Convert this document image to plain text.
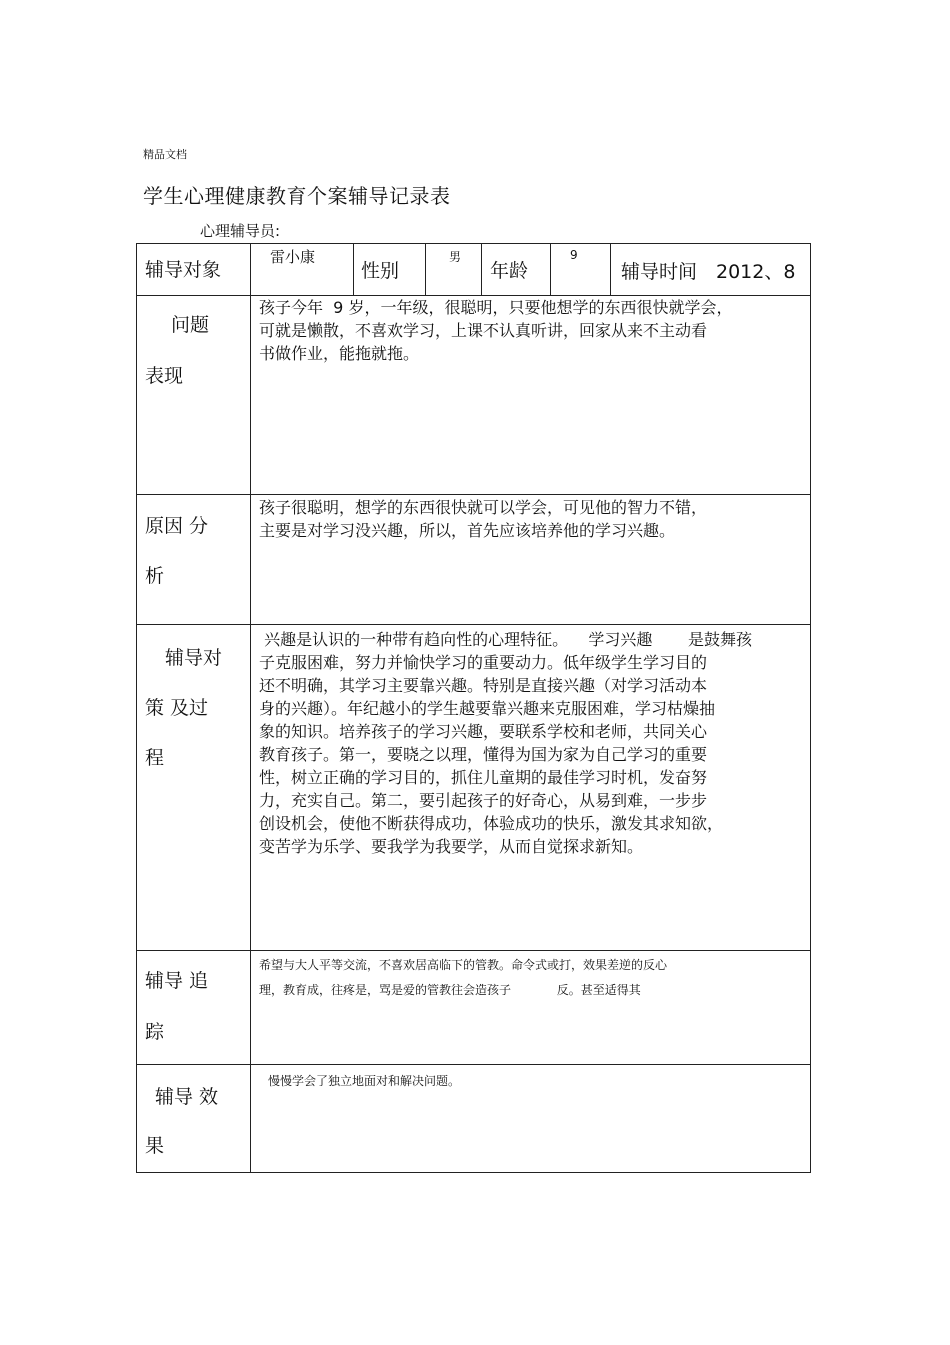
精品文档
学生心理健康教育个案辅导记录表
心理辅导员:
辅导对象
雷小康
性别
男
年龄
9
辅导时间 2012、8
问题
表现
孩子今年  9 岁，一年级，很聪明，只要他想学的东西很快就学会，
可就是懒散，不喜欢学习，上课不认真听讲，回家从来不主动看
书做作业，能拖就拖。
原因 分
析
孩子很聪明，想学的东西很快就可以学会，可见他的智力不错，
主要是对学习没兴趣，所以，首先应该培养他的学习兴趣。
辅导对
策 及过
程
兴趣是认识的一种带有趋向性的心理特征。    学习兴趣       是鼓舞孩
子克服困难，努力并愉快学习的重要动力。低年级学生学习目的
还不明确，其学习主要靠兴趣。特别是直接兴趣（对学习活动本
身的兴趣）。年纪越小的学生越要靠兴趣来克服困难，学习枯燥抽
象的知识。培养孩子的学习兴趣，要联系学校和老师，共同关心
教育孩子。第一，要晓之以理，懂得为国为家为自己学习的重要
性，树立正确的学习目的，抓住儿童期的最佳学习时机，发奋努
力，充实自己。第二，要引起孩子的好奇心，从易到难，一步步
创设机会，使他不断获得成功，体验成功的快乐，激发其求知欲，
变苦学为乐学、要我学为我要学，从而自觉探求新知。
辅导 追
踪
希望与大人平等交流，不喜欢居高临下的管教。命令式或打，效果差逆的反心
理，教育成，往疼是，骂是爱的管教往会造孩子            反。甚至适得其
辅导 效
果
慢慢学会了独立地面对和解决问题。
